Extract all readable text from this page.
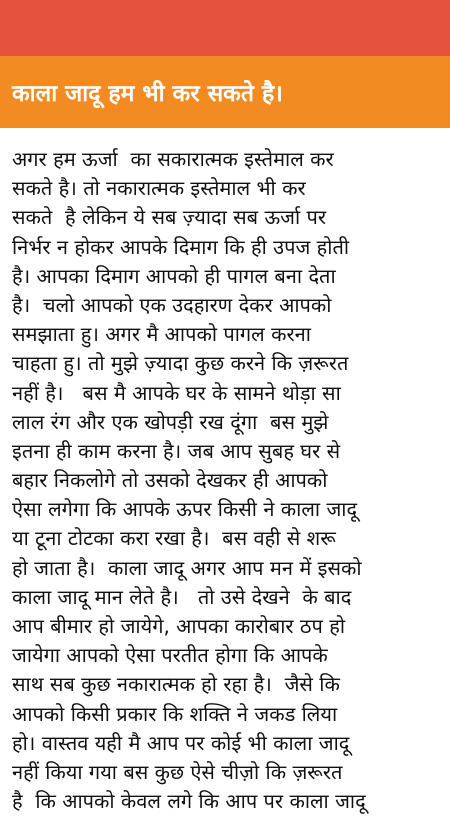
काला जादू हम भी कर सकते है।
अगर हम ऊर्जा  का सकारात्मक इस्तेमाल कर
सकते है। तो नकारात्मक इस्तेमाल भी कर
सकते  है लेकिन ये सब ज़्यादा सब ऊर्जा पर
निर्भर न होकर आपके दिमाग कि ही उपज होती
है। आपका दिमाग आपको ही पागल बना देता
है।  चलो आपको एक उदहारण देकर आपको
समझाता हु। अगर मै आपको पागल करना
चाहता हु। तो मुझे ज़्यादा कुछ करने कि ज़रूरत
नहीं है।   बस मै आपके घर के सामने थोड़ा सा
लाल रंग और एक खोपड़ी रख दूंगा  बस मुझे
इतना ही काम करना है। जब आप सुबह घर से
बहार निकलोगे तो उसको देखकर ही आपको
ऐसा लगेगा कि आपके ऊपर किसी ने काला जादू
या टूना टोटका करा रखा है।  बस वही से शरू
हो जाता है।  काला जादू अगर आप मन में इसको
काला जादू मान लेते है।   तो उसे देखने  के बाद
आप बीमार हो जायेगे, आपका कारोबार ठप हो
जायेगा आपको ऐसा परतीत होगा कि आपके
साथ सब कुछ नकारात्मक हो रहा है।  जैसे कि
आपको किसी प्रकार कि शक्ति ने जकड लिया
हो। वास्तव यही मै आप पर कोई भी काला जादू
नहीं किया गया बस कुछ ऐसे चीज़ो कि ज़रूरत
है  कि आपको केवल लगे कि आप पर काला जादू
